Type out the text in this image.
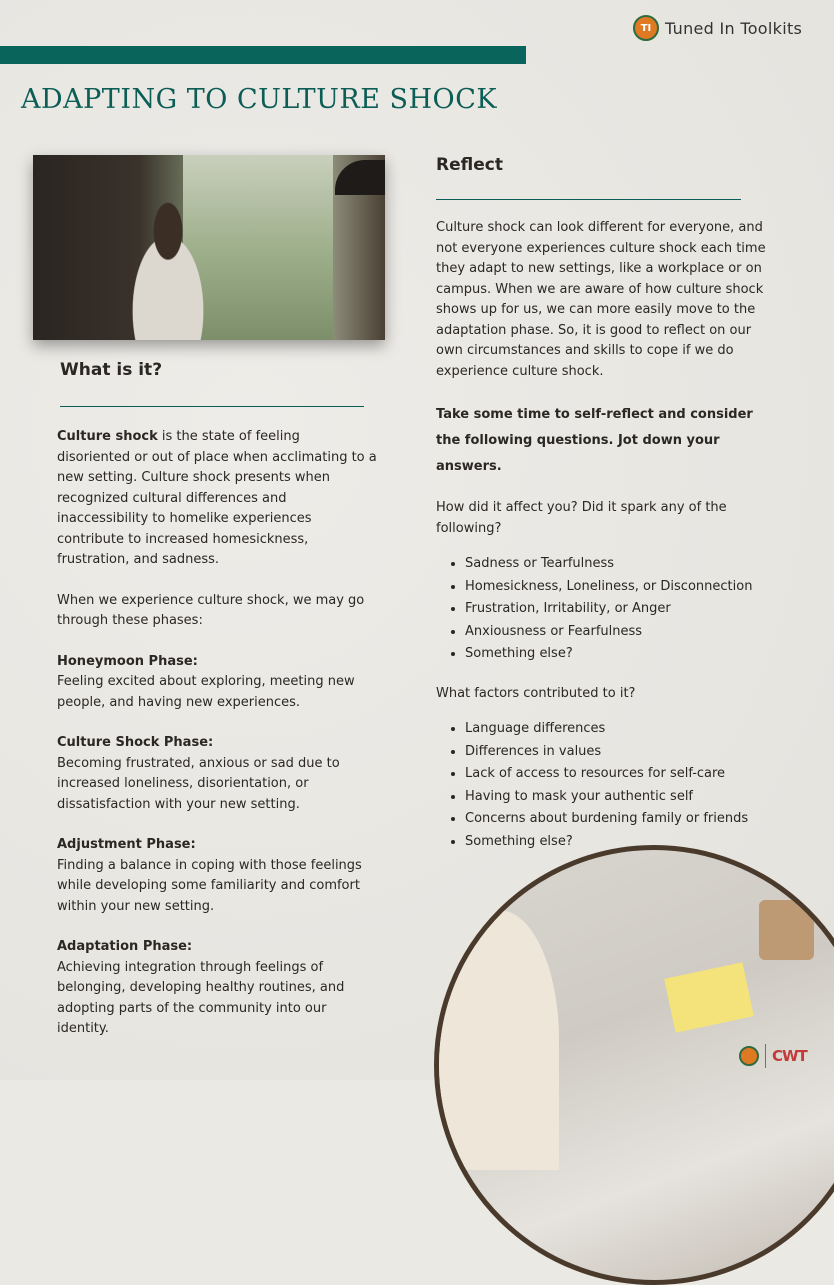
TI Tuned In Toolkits
ADAPTING TO CULTURE SHOCK
What is it?

Culture shock is the state of feeling disoriented or out of place when acclimating to a new setting. Culture shock presents when recognized cultural differences and inaccessibility to homelike experiences contribute to increased homesickness, frustration, and sadness.

When we experience culture shock, we may go through these phases:

Honeymoon Phase:

Feeling excited about exploring, meeting new people, and having new experiences.

Culture Shock Phase:

Becoming frustrated, anxious or sad due to increased loneliness, disorientation, or dissatisfaction with your new setting.

Adjustment Phase:

Finding a balance in coping with those feelings while developing some familiarity and comfort within your new setting.

Adaptation Phase:

Achieving integration through feelings of belonging, developing healthy routines, and adopting parts of the community into our identity.

Reflect

Culture shock can look different for everyone, and not everyone experiences culture shock each time they adapt to new settings, like a workplace or on campus. When we are aware of how culture shock shows up for us, we can more easily move to the adaptation phase. So, it is good to reflect on our own circumstances and skills to cope if we do experience culture shock.

Take some time to self-reflect and consider the following questions. Jot down your answers.

How did it affect you? Did it spark any of the following?

• Sadness or Tearfulness
• Homesickness, Loneliness, or Disconnection
• Frustration, Irritability, or Anger
• Anxiousness or Fearfulness
• Something else?

What factors contributed to it?

• Language differences
• Differences in values
• Lack of access to resources for self-care
• Having to mask your authentic self
• Concerns about burdening family or friends
• Something else?
CWT
